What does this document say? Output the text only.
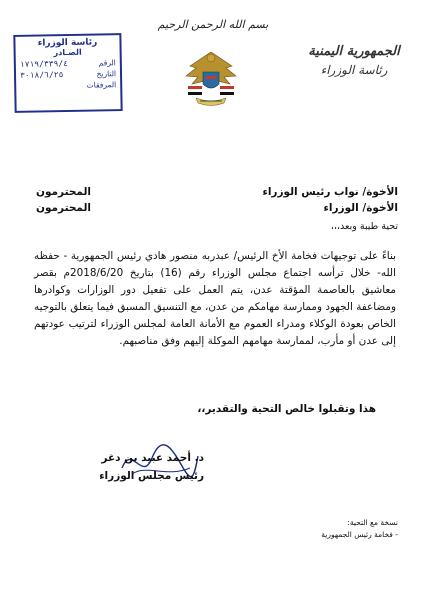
بسم الله الرحمن الرحيم
الجمهورية اليمنية
رئاسة الوزراء
رئاسة الوزراء
الصـادر
الرقم
١٧١٩/٣٣٩/٤
التاريخ
٣٠١٨/٦/٢٥
المرفقات
الأخوة/ نواب رئيس الوزراء
المحترمون
الأخوة/ الوزراء
المحترمون
تحية طيبة وبعد،،،
بناءً على توجيهات فخامة الأخ الرئيس/ عبدربه منصور هادي رئيس الجمهورية - حفظه الله- خلال ترأسه اجتماع مجلس الوزراء رقم (16) بتاريخ 2018/6/20م بقصر معاشيق بالعاصمة المؤقتة عدن، يتم العمل على تفعيل دور الوزارات وكوادرها ومضاعفة الجهود وممارسة مهامكم من عدن، مع التنسيق المسبق فيما يتعلق بالتوجيه الخاص بعودة الوكلاء ومدراء العموم مع الأمانة العامة لمجلس الوزراء لترتيب عودتهم إلى عدن أو مأرب، لممارسة مهامهم الموكلة إليهم وفق مناصبهم.
هذا وتقبلوا خالص التحية والتقدير،،
د. أحمد عبيد بن دغر
رئيس مجلس الوزراء
نسخة مع التحية:
- فخامة رئيس الجمهورية
